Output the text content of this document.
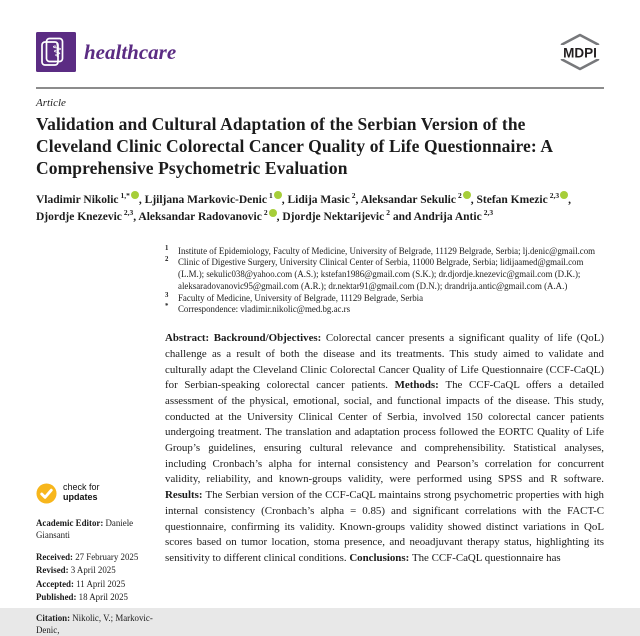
⚕ healthcare	MDPI
Article
Validation and Cultural Adaptation of the Serbian Version of the Cleveland Clinic Colorectal Cancer Quality of Life Questionnaire: A Comprehensive Psychometric Evaluation

Vladimir Nikolic $^{1,*}$ , Ljiljana Markovic-Denic $^1$ , Lidija Masic $^2$, Aleksandar Sekulic $^2$ , Stefan Kmezic $^{2,3}$ , Djordje Knezevic $^{2,3}$, Aleksandar Radovanovic $^2$ , Djordje Nektarijevic $^2$ and Andrija Antic $^{2,3}$

check for
updates

Academic Editor: Daniele Giansanti

Received: 27 February 2025

Revised: 3 April 2025

Accepted: 11 April 2025

Published: 18 April 2025

Citation: Nikolic, V.; Markovic-Denic,

1	Institute of Epidemiology, Faculty of Medicine, University of Belgrade, 11129 Belgrade, Serbia; lj.denic@gmail.com
2	Clinic of Digestive Surgery, University Clinical Center of Serbia, 11000 Belgrade, Serbia; lidijaamed@gmail.com (L.M.); sekulic038@yahoo.com (A.S.); kstefan1986@gmail.com (S.K.); dr.djordje.knezevic@gmail.com (D.K.); aleksaradovanovic95@gmail.com (A.R.); dr.nektar91@gmail.com (D.N.); drandrija.antic@gmail.com (A.A.)
3	Faculty of Medicine, University of Belgrade, 11129 Belgrade, Serbia
*	Correspondence: vladimir.nikolic@med.bg.ac.rs

Abstract: Backround/Objectives: Colorectal cancer presents a significant quality of life (QoL) challenge as a result of both the disease and its treatments. This study aimed to validate and culturally adapt the Cleveland Clinic Colorectal Cancer Quality of Life Questionnaire (CCF-CaQL) for Serbian-speaking colorectal cancer patients. Methods: The CCF-CaQL offers a detailed assessment of the physical, emotional, social, and functional impacts of the disease. This study, conducted at the University Clinical Center of Serbia, involved 150 colorectal cancer patients undergoing treatment. The translation and adaptation process followed the EORTC Quality of Life Group’s guidelines, ensuring cultural relevance and comprehensibility. Statistical analyses, including Cronbach’s alpha for internal consistency and Pearson’s correlation for concurrent validity, reliability, and known-groups validity, were performed using SPSS and R software. Results: The Serbian version of the CCF-CaQL maintains strong psychometric properties with high internal consistency (Cronbach’s alpha = 0.85) and significant correlations with the FACT-C questionnaire, confirming its validity. Known-groups validity showed distinct variations in QoL scores based on tumor location, stoma presence, and neoadjuvant therapy status, highlighting its sensitivity to different clinical conditions. Conclusions: The CCF-CaQL questionnaire has
